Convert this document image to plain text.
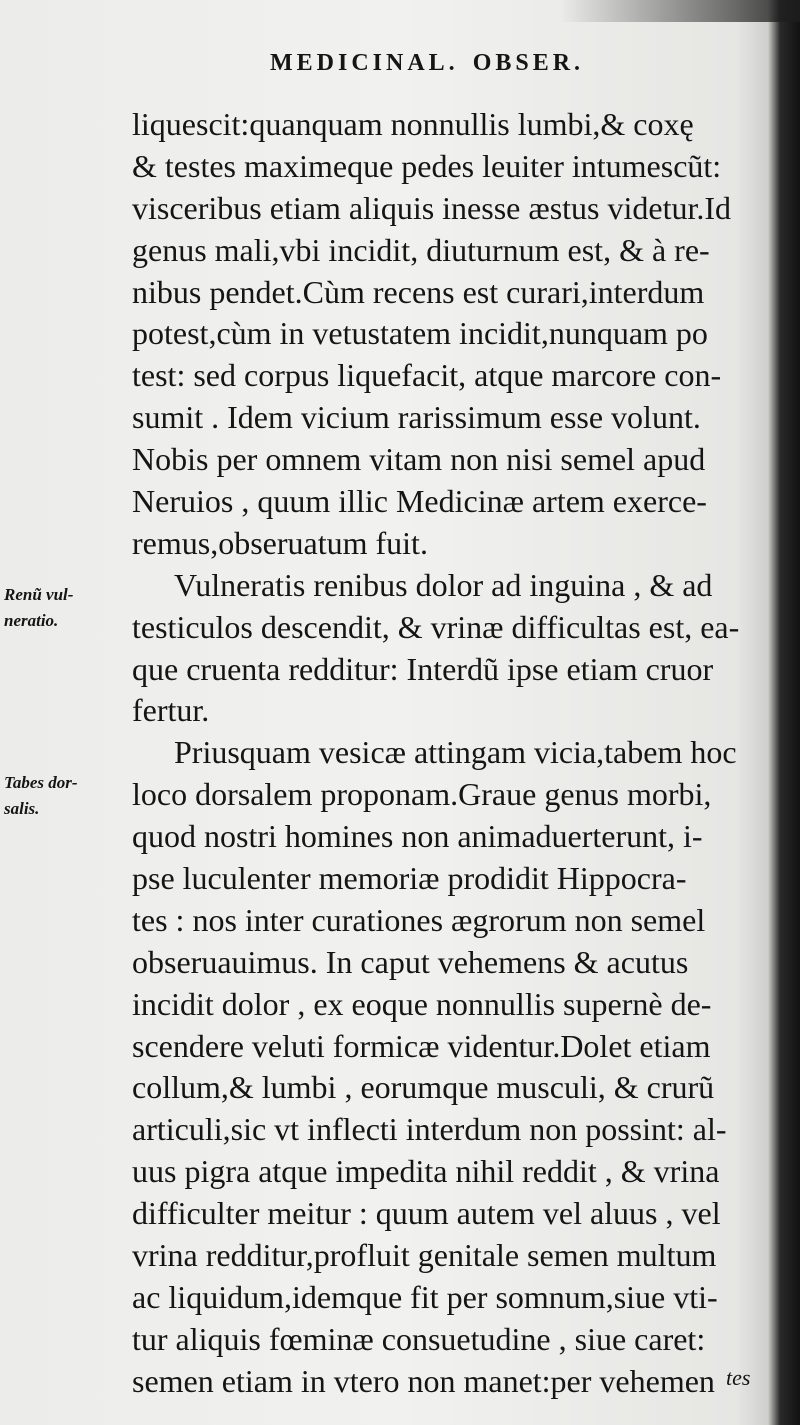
MEDICINAL. OBSER.
Renũ vul-
neratio.
Tabes dor-
salis.
liquescit:quanquam nonnullis lumbi,& coxę
& testes maximeque pedes leuiter intumescũt:
visceribus etiam aliquis inesse æstus videtur.Id
genus mali,vbi incidit, diuturnum est, & à re-
nibus pendet.Cùm recens est curari,interdum
potest,cùm in vetustatem incidit,nunquam po
test: sed corpus liquefacit, atque marcore con-
sumit . Idem vicium rarissimum esse volunt.
Nobis per omnem vitam non nisi semel apud
Neruios , quum illic Medicinæ artem exerce-
remus,obseruatum fuit.
Vulneratis renibus dolor ad inguina , & ad
testiculos descendit, & vrinæ difficultas est, ea-
que cruenta redditur: Interdũ ipse etiam cruor
fertur.
Priusquam vesicæ attingam vicia,tabem hoc
loco dorsalem proponam.Graue genus morbi,
quod nostri homines non animaduerterunt, i-
pse luculenter memoriæ prodidit Hippocra-
tes : nos inter curationes ægrorum non semel
obseruauimus. In caput vehemens & acutus
incidit dolor , ex eoque nonnullis supernè de-
scendere veluti formicæ videntur.Dolet etiam
collum,& lumbi , eorumque musculi, & crurũ
articuli,sic vt inflecti interdum non possint: al-
uus pigra atque impedita nihil reddit , & vrina
difficulter meitur : quum autem vel aluus , vel
vrina redditur,profluit genitale semen multum
ac liquidum,idemque fit per somnum,siue vti-
tur aliquis fœminæ consuetudine , siue caret:
semen etiam in vtero non manet:per vehemen tes
